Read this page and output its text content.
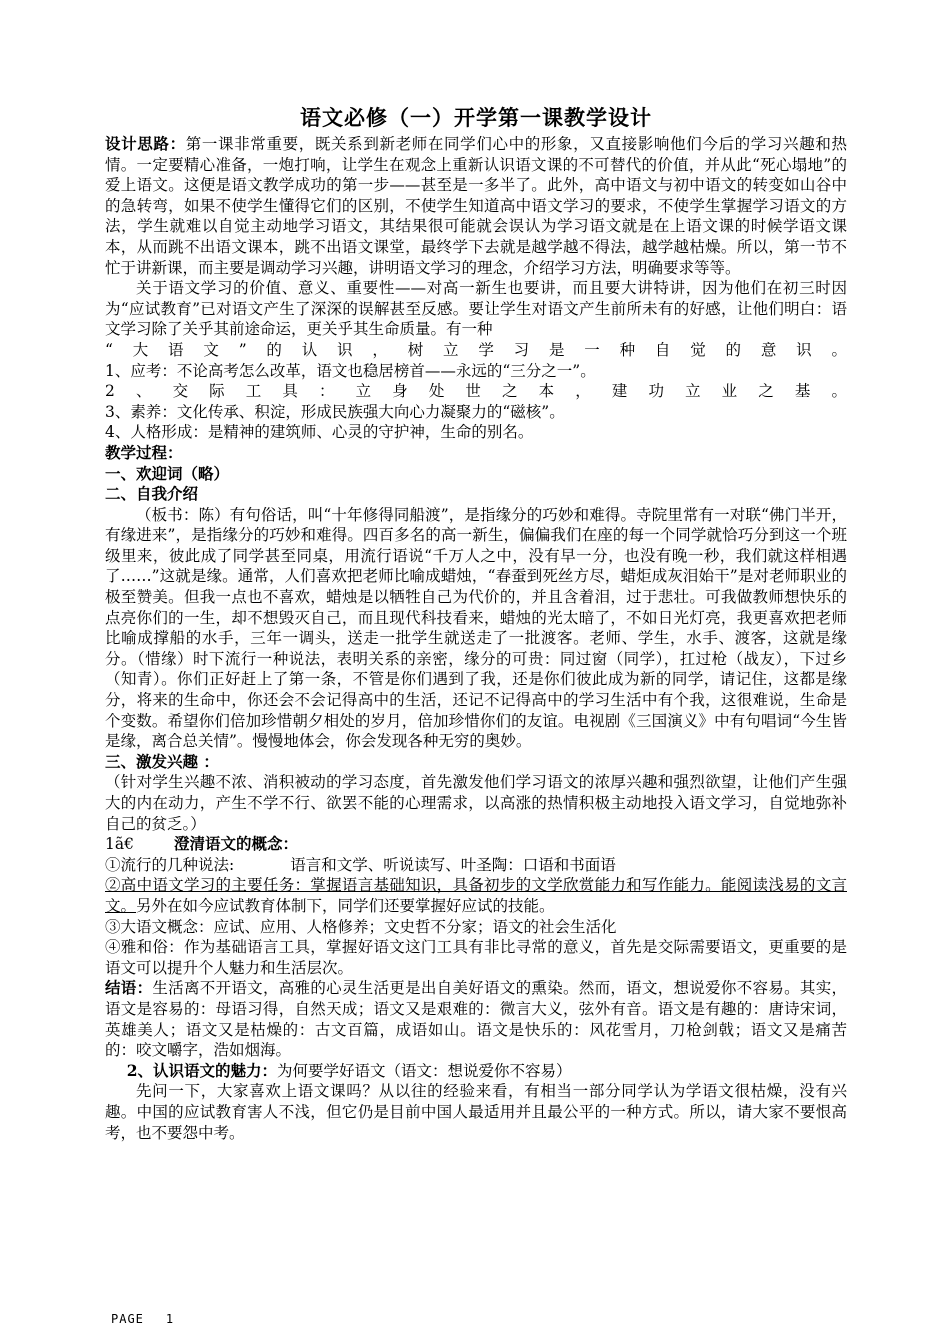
语文必修（一）开学第一课教学设计

设计思路：第一课非常重要，既关系到新老师在同学们心中的形象，又直接影响他们今后的学习兴趣和热情。一定要精心准备，一炮打响，让学生在观念上重新认识语文课的不可替代的价值，并从此“死心塌地”的爱上语文。这便是语文教学成功的第一步——甚至是一多半了。此外，高中语文与初中语文的转变如山谷中的急转弯，如果不使学生懂得它们的区别，不使学生知道高中语文学习的要求，不使学生掌握学习语文的方法，学生就难以自觉主动地学习语文，其结果很可能就会误认为学习语文就是在上语文课的时候学语文课本，从而跳不出语文课本，跳不出语文课堂，最终学下去就是越学越不得法，越学越枯燥。所以，第一节不忙于讲新课，而主要是调动学习兴趣，讲明语文学习的理念，介绍学习方法，明确要求等等。

关于语文学习的价值、意义、重要性——对高一新生也要讲，而且要大讲特讲，因为他们在初三时因为“应试教育”已对语文产生了深深的误解甚至反感。要让学生对语文产生前所未有的好感，让他们明白：语文学习除了关乎其前途命运，更关乎其生命质量。有一种

“大语文”的认识，树立学习是一种自觉的意识。

1、应考：不论高考怎么改革，语文也稳居榜首——永远的“三分之一”。

2、交际工具：立身处世之本，建功立业之基。

3、素养：文化传承、积淀，形成民族强大向心力凝聚力的“磁核”。

4、人格形成：是精神的建筑师、心灵的守护神，生命的别名。

教学过程：

一、欢迎词（略）

二、自我介绍

（板书：陈）有句俗话，叫“十年修得同船渡”，是指缘分的巧妙和难得。寺院里常有一对联“佛门半开，有缘进来”，是指缘分的巧妙和难得。四百多名的高一新生，偏偏我们在座的每一个同学就恰巧分到这一个班级里来，彼此成了同学甚至同桌，用流行语说“千万人之中，没有早一分，也没有晚一秒，我们就这样相遇了……”这就是缘。通常，人们喜欢把老师比喻成蜡烛，“春蚕到死丝方尽，蜡炬成灰泪始干”是对老师职业的极至赞美。但我一点也不喜欢，蜡烛是以牺牲自己为代价的，并且含着泪，过于悲壮。可我做教师想快乐的点亮你们的一生，却不想毁灭自己，而且现代科技看来，蜡烛的光太暗了，不如日光灯亮，我更喜欢把老师比喻成撑船的水手，三年一调头，送走一批学生就送走了一批渡客。老师、学生，水手、渡客，这就是缘分。（惜缘）时下流行一种说法，表明关系的亲密，缘分的可贵：同过窗（同学），扛过枪（战友），下过乡（知青）。你们正好赶上了第一条，不管是你们遇到了我，还是你们彼此成为新的同学，请记住，这都是缘分，将来的生命中，你还会不会记得高中的生活，还记不记得高中的学习生活中有个我，这很难说，生命是个变数。希望你们倍加珍惜朝夕相处的岁月，倍加珍惜你们的友谊。电视剧《三国演义》中有句唱词“今生皆是缘，离合总关情”。慢慢地体会，你会发现各种无穷的奥妙。

三、激发兴趣 ：

（针对学生兴趣不浓、消积被动的学习态度，首先激发他们学习语文的浓厚兴趣和强烈欲望，让他们产生强大的内在动力，产生不学不行、欲罢不能的心理需求，以高涨的热情积极主动地投入语文学习，自觉地弥补自己的贫乏。）

1ã€	澄清语文的概念：

①流行的几种说法:	语言和文学、听说读写、叶圣陶：口语和书面语

②高中语文学习的主要任务：掌握语言基础知识，具备初步的文学欣赏能力和写作能力。能阅读浅易的文言文。另外在如今应试教育体制下，同学们还要掌握好应试的技能。

③大语文概念：应试、应用、人格修养；文史哲不分家；语文的社会生活化

④雅和俗：作为基础语言工具，掌握好语文这门工具有非比寻常的意义，首先是交际需要语文，更重要的是语文可以提升个人魅力和生活层次。

结语：生活离不开语文，高雅的心灵生活更是出自美好语文的熏染。然而，语文，想说爱你不容易。其实，语文是容易的：母语习得，自然天成；语文又是艰难的：微言大义，弦外有音。语文是有趣的：唐诗宋词，英雄美人；语文又是枯燥的：古文百篇，成语如山。语文是快乐的：风花雪月，刀枪剑戟；语文又是痛苦的：咬文嚼字，浩如烟海。

2、认识语文的魅力：为何要学好语文（语文：想说爱你不容易）

先问一下，大家喜欢上语文课吗？从以往的经验来看，有相当一部分同学认为学语文很枯燥，没有兴趣。中国的应试教育害人不浅，但它仍是目前中国人最适用并且最公平的一种方式。所以，请大家不要恨高考，也不要怨中考。

PAGE 1
